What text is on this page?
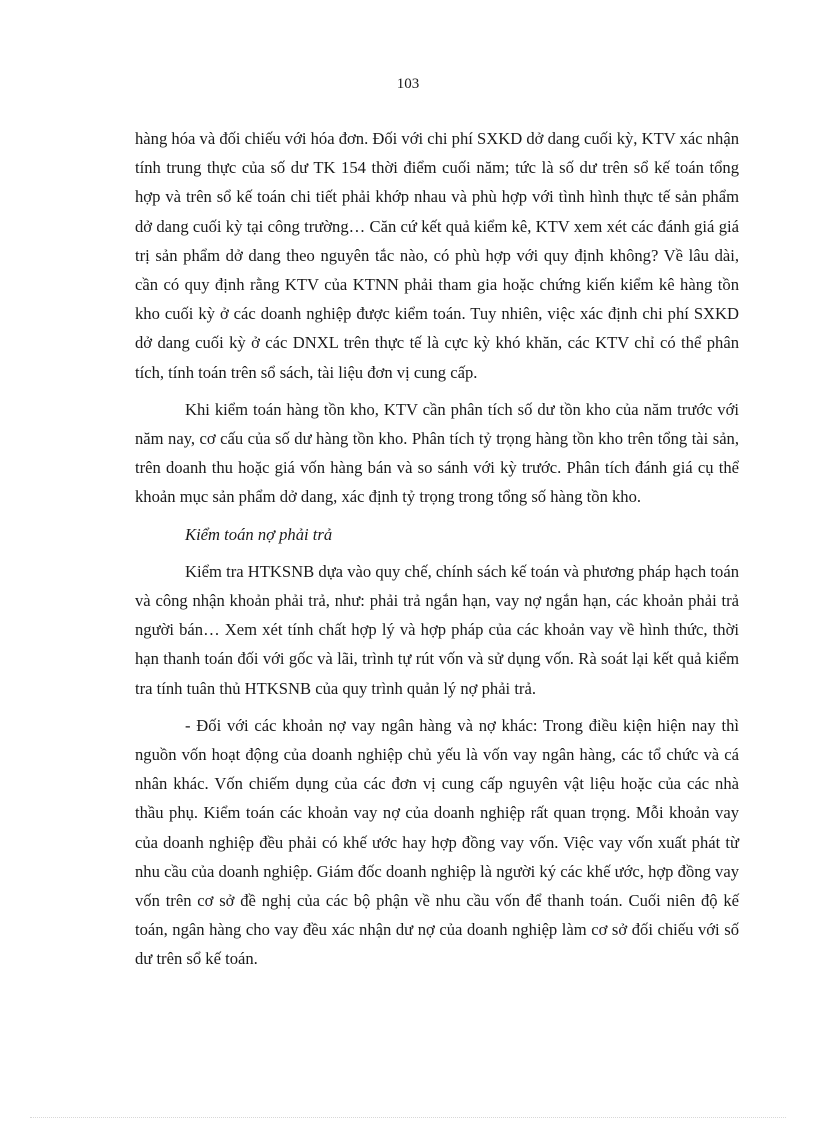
103

hàng hóa và đối chiếu với hóa đơn. Đối với chi phí SXKD dở dang cuối kỳ, KTV xác nhận tính trung thực của số dư TK 154 thời điểm cuối năm; tức là số dư trên sổ kế toán tổng hợp và trên sổ kế toán chi tiết phải khớp nhau và phù hợp với tình hình thực tế sản phẩm dở dang cuối kỳ tại công trường… Căn cứ kết quả kiểm kê, KTV xem xét các đánh giá giá trị sản phẩm dở dang theo nguyên tắc nào, có phù hợp với quy định không? Về lâu dài, cần có quy định rằng KTV của KTNN phải tham gia hoặc chứng kiến kiểm kê hàng tồn kho cuối kỳ ở các doanh nghiệp được kiểm toán. Tuy nhiên, việc xác định chi phí SXKD dở dang cuối kỳ ở các DNXL trên thực tế là cực kỳ khó khăn, các KTV chỉ có thể phân tích, tính toán trên sổ sách, tài liệu đơn vị cung cấp.

Khi kiểm toán hàng tồn kho, KTV cần phân tích số dư tồn kho của năm trước với năm nay, cơ cấu của số dư hàng tồn kho. Phân tích tỷ trọng hàng tồn kho trên tổng tài sản, trên doanh thu hoặc giá vốn hàng bán và so sánh với kỳ trước. Phân tích đánh giá cụ thể khoản mục sản phẩm dở dang, xác định tỷ trọng trong tổng số hàng tồn kho.

Kiểm toán nợ phải trả

Kiểm tra HTKSNB dựa vào quy chế, chính sách kế toán và phương pháp hạch toán và công nhận khoản phải trả, như: phải trả ngắn hạn, vay nợ ngắn hạn, các khoản phải trả người bán… Xem xét tính chất hợp lý và hợp pháp của các khoản vay về hình thức, thời hạn thanh toán đối với gốc và lãi, trình tự rút vốn và sử dụng vốn. Rà soát lại kết quả kiểm tra tính tuân thủ HTKSNB của quy trình quản lý nợ phải trả.

- Đối với các khoản nợ vay ngân hàng và nợ khác: Trong điều kiện hiện nay thì nguồn vốn hoạt động của doanh nghiệp chủ yếu là vốn vay ngân hàng, các tổ chức và cá nhân khác. Vốn chiếm dụng của các đơn vị cung cấp nguyên vật liệu hoặc của các nhà thầu phụ. Kiểm toán các khoản vay nợ của doanh nghiệp rất quan trọng. Mỗi khoản vay của doanh nghiệp đều phải có khế ước hay hợp đồng vay vốn. Việc vay vốn xuất phát từ nhu cầu của doanh nghiệp. Giám đốc doanh nghiệp là người ký các khế ước, hợp đồng vay vốn trên cơ sở đề nghị của các bộ phận về nhu cầu vốn để thanh toán. Cuối niên độ kế toán, ngân hàng cho vay đều xác nhận dư nợ của doanh nghiệp làm cơ sở đối chiếu với số dư trên sổ kế toán.
